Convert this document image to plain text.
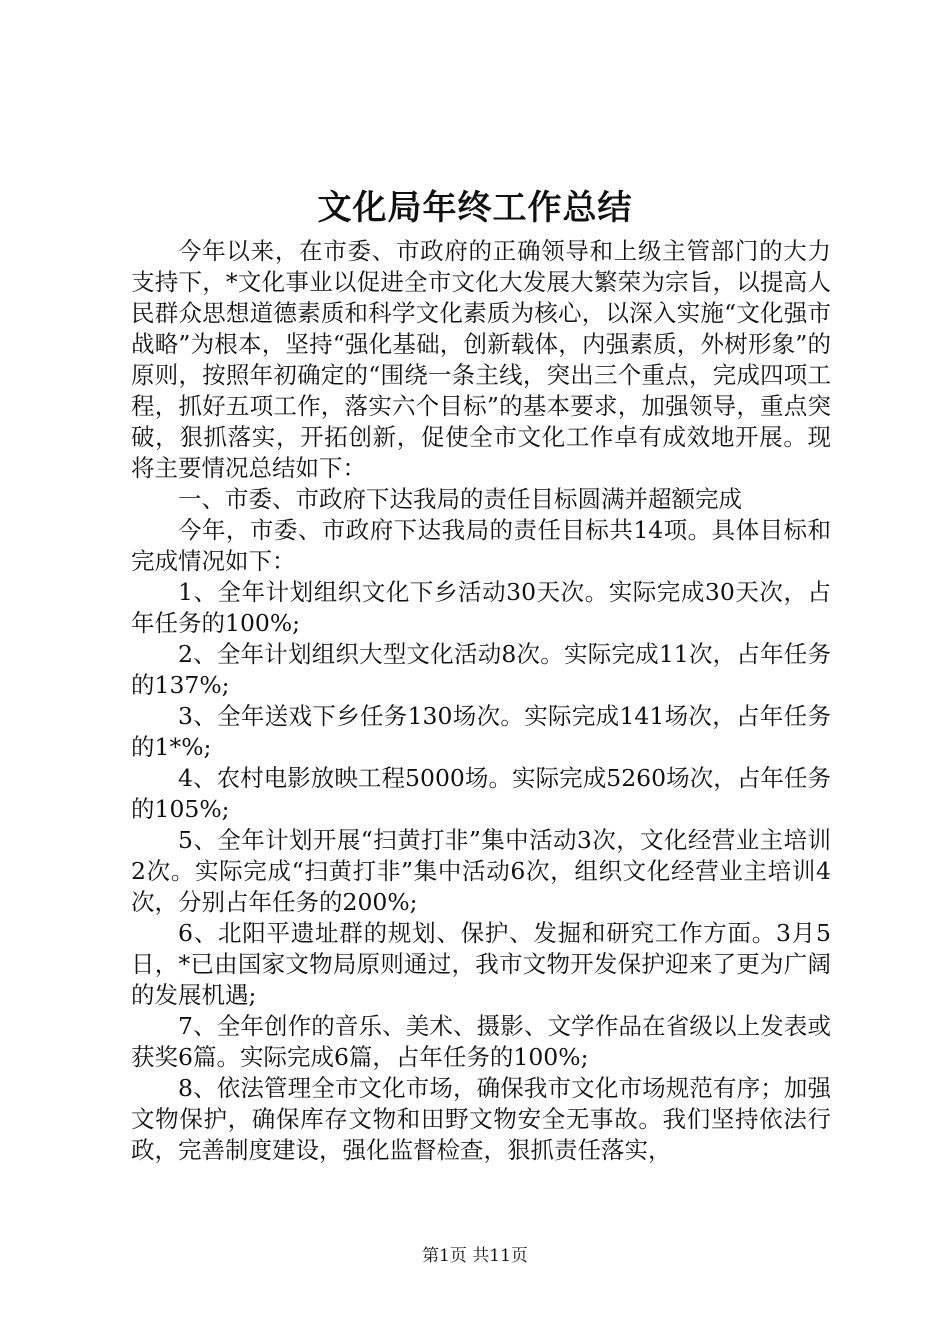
文化局年终工作总结

今年以来，在市委、市政府的正确领导和上级主管部门的大力支持下，*文化事业以促进全市文化大发展大繁荣为宗旨，以提高人民群众思想道德素质和科学文化素质为核心，以深入实施“文化强市战略”为根本，坚持“强化基础，创新载体，内强素质，外树形象”的原则，按照年初确定的“围绕一条主线，突出三个重点，完成四项工程，抓好五项工作，落实六个目标”的基本要求，加强领导，重点突破，狠抓落实，开拓创新，促使全市文化工作卓有成效地开展。现将主要情况总结如下：

一、市委、市政府下达我局的责任目标圆满并超额完成

今年，市委、市政府下达我局的责任目标共14项。具体目标和完成情况如下：

1、全年计划组织文化下乡活动30天次。实际完成30天次，占年任务的100%;

2、全年计划组织大型文化活动8次。实际完成11次，占年任务的137%;

3、全年送戏下乡任务130场次。实际完成141场次，占年任务的1*%;

4、农村电影放映工程5000场。实际完成5260场次，占年任务的105%;

5、全年计划开展“扫黄打非”集中活动3次，文化经营业主培训2次。实际完成“扫黄打非”集中活动6次，组织文化经营业主培训4次，分别占年任务的200%;

6、北阳平遗址群的规划、保护、发掘和研究工作方面。3月5日，*已由国家文物局原则通过，我市文物开发保护迎来了更为广阔的发展机遇;

7、全年创作的音乐、美术、摄影、文学作品在省级以上发表或获奖6篇。实际完成6篇，占年任务的100%;

8、依法管理全市文化市场，确保我市文化市场规范有序；加强文物保护，确保库存文物和田野文物安全无事故。我们坚持依法行政，完善制度建设，强化监督检查，狠抓责任落实，

第1页 共11页
